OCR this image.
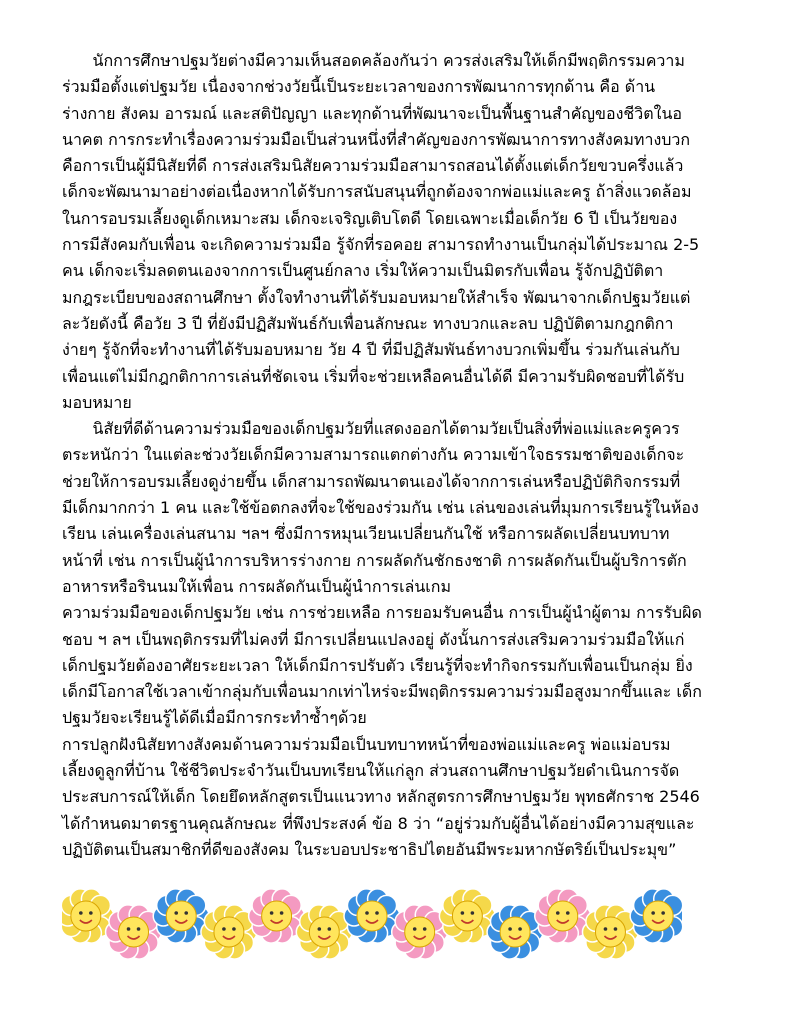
นักการศึกษาปฐมวัยต่างมีความเห็นสอดคล้องกันว่า ควรส่งเสริมให้เด็กมีพฤติกรรมความ
ร่วมมือตั้งแต่ปฐมวัย เนื่องจากช่วงวัยนี้เป็นระยะเวลาของการพัฒนาการทุกด้าน คือ ด้าน
ร่างกาย สังคม อารมณ์ และสติปัญญา และทุกด้านที่พัฒนาจะเป็นพื้นฐานสำคัญของชีวิตในอ
นาคต การกระทำเรื่องความร่วมมือเป็นส่วนหนึ่งที่สำคัญของการพัฒนาการทางสังคมทางบวก
คือการเป็นผู้มีนิสัยที่ดี การส่งเสริมนิสัยความร่วมมือสามารถสอนได้ตั้งแต่เด็กวัยขวบครึ่งแล้ว
เด็กจะพัฒนามาอย่างต่อเนื่องหากได้รับการสนับสนุนที่ถูกต้องจากพ่อแม่และครู ถ้าสิ่งแวดล้อม
ในการอบรมเลี้ยงดูเด็กเหมาะสม เด็กจะเจริญเติบโตดี โดยเฉพาะเมื่อเด็กวัย 6 ปี เป็นวัยของ
การมีสังคมกับเพื่อน จะเกิดความร่วมมือ รู้จักที่รอคอย สามารถทำงานเป็นกลุ่มได้ประมาณ 2-5
คน เด็กจะเริ่มลดตนเองจากการเป็นศูนย์กลาง เริ่มให้ความเป็นมิตรกับเพื่อน รู้จักปฏิบัติตา
มกฎระเบียบของสถานศึกษา ตั้งใจทำงานที่ได้รับมอบหมายให้สำเร็จ พัฒนาจากเด็กปฐมวัยแต่
ละวัยดังนี้ คือวัย 3 ปี ที่ยังมีปฏิสัมพันธ์กับเพื่อนลักษณะ ทางบวกและลบ ปฏิบัติตามกฎกติกา
ง่ายๆ รู้จักที่จะทำงานที่ได้รับมอบหมาย วัย 4 ปี ที่มีปฏิสัมพันธ์ทางบวกเพิ่มขึ้น ร่วมกันเล่นกับ
เพื่อนแต่ไม่มีกฎกติกาการเล่นที่ชัดเจน เริ่มที่จะช่วยเหลือคนอื่นได้ดี มีความรับผิดชอบที่ได้รับ
มอบหมาย
นิสัยที่ดีด้านความร่วมมือของเด็กปฐมวัยที่แสดงออกได้ตามวัยเป็นสิ่งที่พ่อแม่และครูควร
ตระหนักว่า ในแต่ละช่วงวัยเด็กมีความสามารถแตกต่างกัน ความเข้าใจธรรมชาติของเด็กจะ
ช่วยให้การอบรมเลี้ยงดูง่ายขึ้น เด็กสามารถพัฒนาตนเองได้จากการเล่นหรือปฏิบัติกิจกรรมที่
มีเด็กมากกว่า 1 คน และใช้ข้อตกลงที่จะใช้ของร่วมกัน เช่น เล่นของเล่นที่มุมการเรียนรู้ในห้อง
เรียน เล่นเครื่องเล่นสนาม ฯลฯ ซึ่งมีการหมุนเวียนเปลี่ยนกันใช้ หรือการผลัดเปลี่ยนบทบาท
หน้าที่ เช่น การเป็นผู้นำการบริหารร่างกาย การผลัดกันชักธงชาติ การผลัดกันเป็นผู้บริการตัก
อาหารหรือรินนมให้เพื่อน การผลัดกันเป็นผู้นำการเล่นเกม
ความร่วมมือของเด็กปฐมวัย เช่น การช่วยเหลือ การยอมรับคนอื่น การเป็นผู้นำผู้ตาม การรับผิด
ชอบ ฯ ลฯ เป็นพฤติกรรมที่ไม่คงที่ มีการเปลี่ยนแปลงอยู่ ดังนั้นการส่งเสริมความร่วมมือให้แก่
เด็กปฐมวัยต้องอาศัยระยะเวลา ให้เด็กมีการปรับตัว เรียนรู้ที่จะทำกิจกรรมกับเพื่อนเป็นกลุ่ม ยิ่ง
เด็กมีโอกาสใช้เวลาเข้ากลุ่มกับเพื่อนมากเท่าไหร่จะมีพฤติกรรมความร่วมมือสูงมากขึ้นและ เด็ก
ปฐมวัยจะเรียนรู้ได้ดีเมื่อมีการกระทำซ้ำๆด้วย
การปลูกฝังนิสัยทางสังคมด้านความร่วมมือเป็นบทบาทหน้าที่ของพ่อแม่และครู พ่อแม่อบรม
เลี้ยงดูลูกที่บ้าน ใช้ชีวิตประจำวันเป็นบทเรียนให้แก่ลูก ส่วนสถานศึกษาปฐมวัยดำเนินการจัด
ประสบการณ์ให้เด็ก โดยยึดหลักสูตรเป็นแนวทาง หลักสูตรการศึกษาปฐมวัย พุทธศักราช 2546
ได้กำหนดมาตรฐานคุณลักษณะ ที่พึงประสงค์ ข้อ 8 ว่า “อยู่ร่วมกับผู้อื่นได้อย่างมีความสุขและ
ปฏิบัติตนเป็นสมาชิกที่ดีของสังคม ในระบอบประชาธิปไตยอันมีพระมหากษัตริย์เป็นประมุข”
